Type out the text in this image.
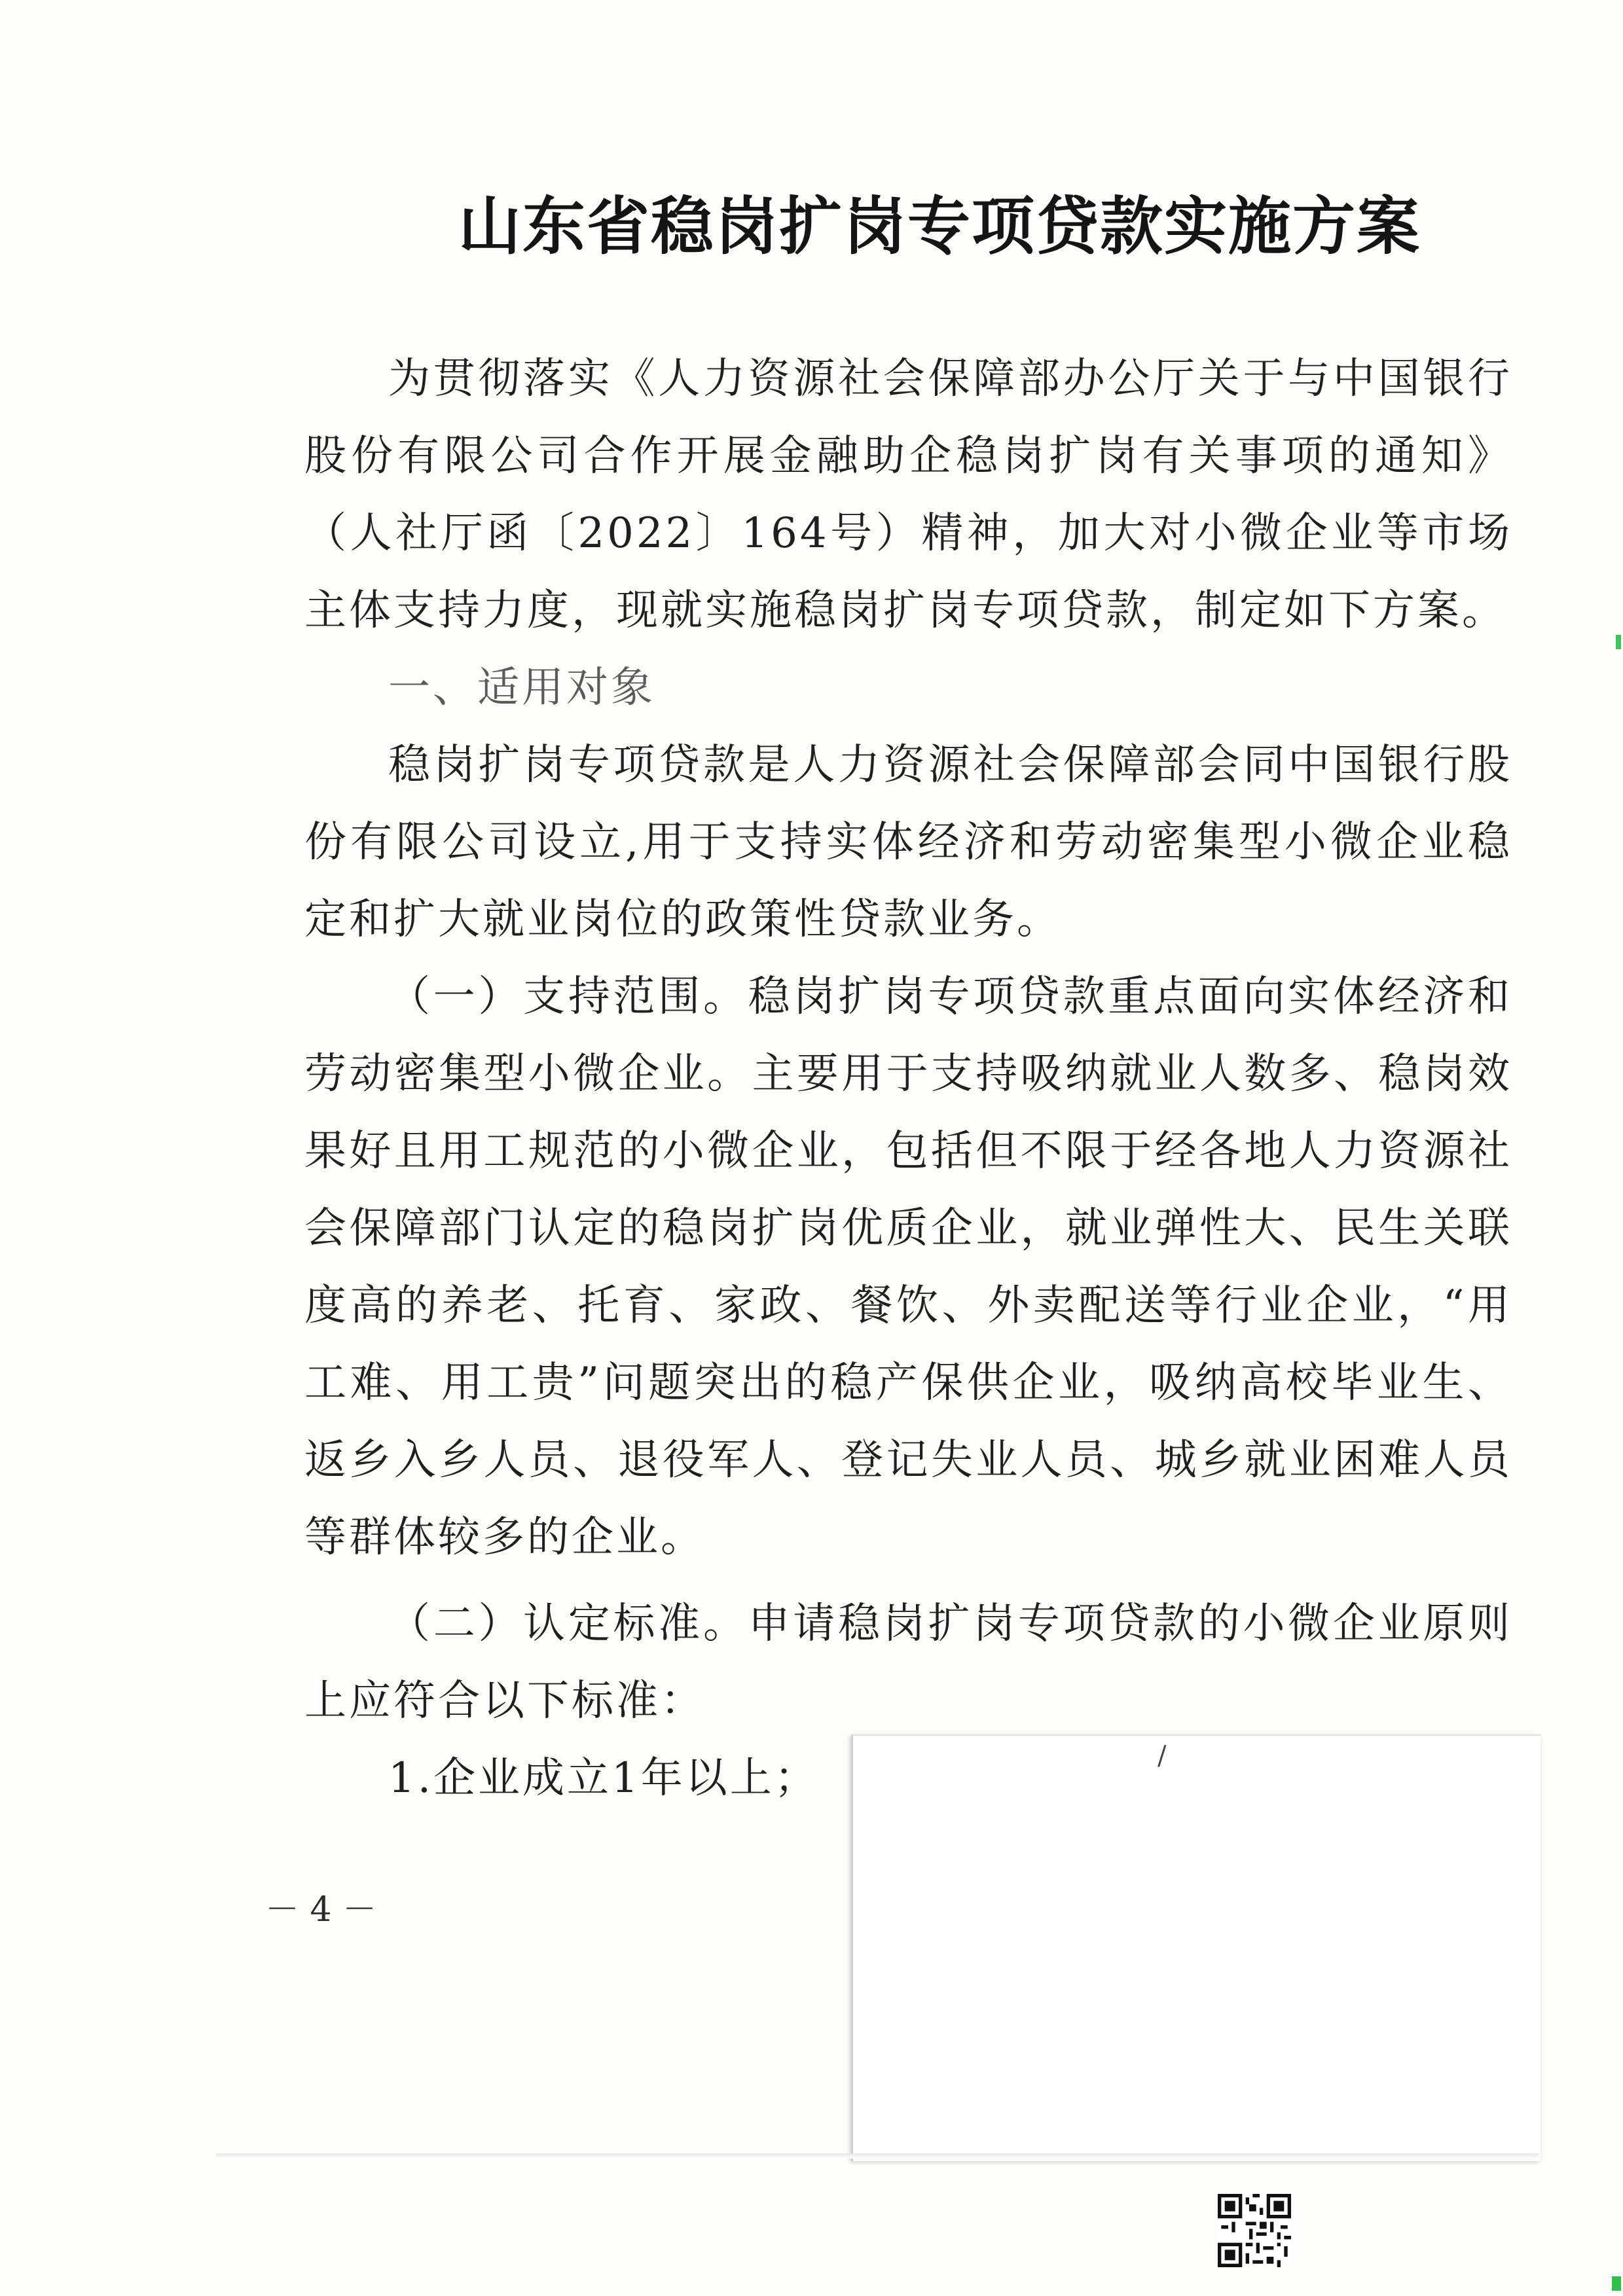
山东省稳岗扩岗专项贷款实施方案

为贯彻落实《人力资源社会保障部办公厅关于与中国银行股份有限公司合作开展金融助企稳岗扩岗有关事项的通知》（人社厅函〔2022〕164号）精神，加大对小微企业等市场主体支持力度，现就实施稳岗扩岗专项贷款，制定如下方案。

一、适用对象

稳岗扩岗专项贷款是人力资源社会保障部会同中国银行股份有限公司设立,用于支持实体经济和劳动密集型小微企业稳定和扩大就业岗位的政策性贷款业务。

（一）支持范围。稳岗扩岗专项贷款重点面向实体经济和劳动密集型小微企业。主要用于支持吸纳就业人数多、稳岗效果好且用工规范的小微企业，包括但不限于经各地人力资源社会保障部门认定的稳岗扩岗优质企业，就业弹性大、民生关联度高的养老、托育、家政、餐饮、外卖配送等行业企业，“用工难、用工贵”问题突出的稳产保供企业，吸纳高校毕业生、返乡入乡人员、退役军人、登记失业人员、城乡就业困难人员等群体较多的企业。

（二）认定标准。申请稳岗扩岗专项贷款的小微企业原则上应符合以下标准：

1.企业成立1年以上；

－ 4 －
/
